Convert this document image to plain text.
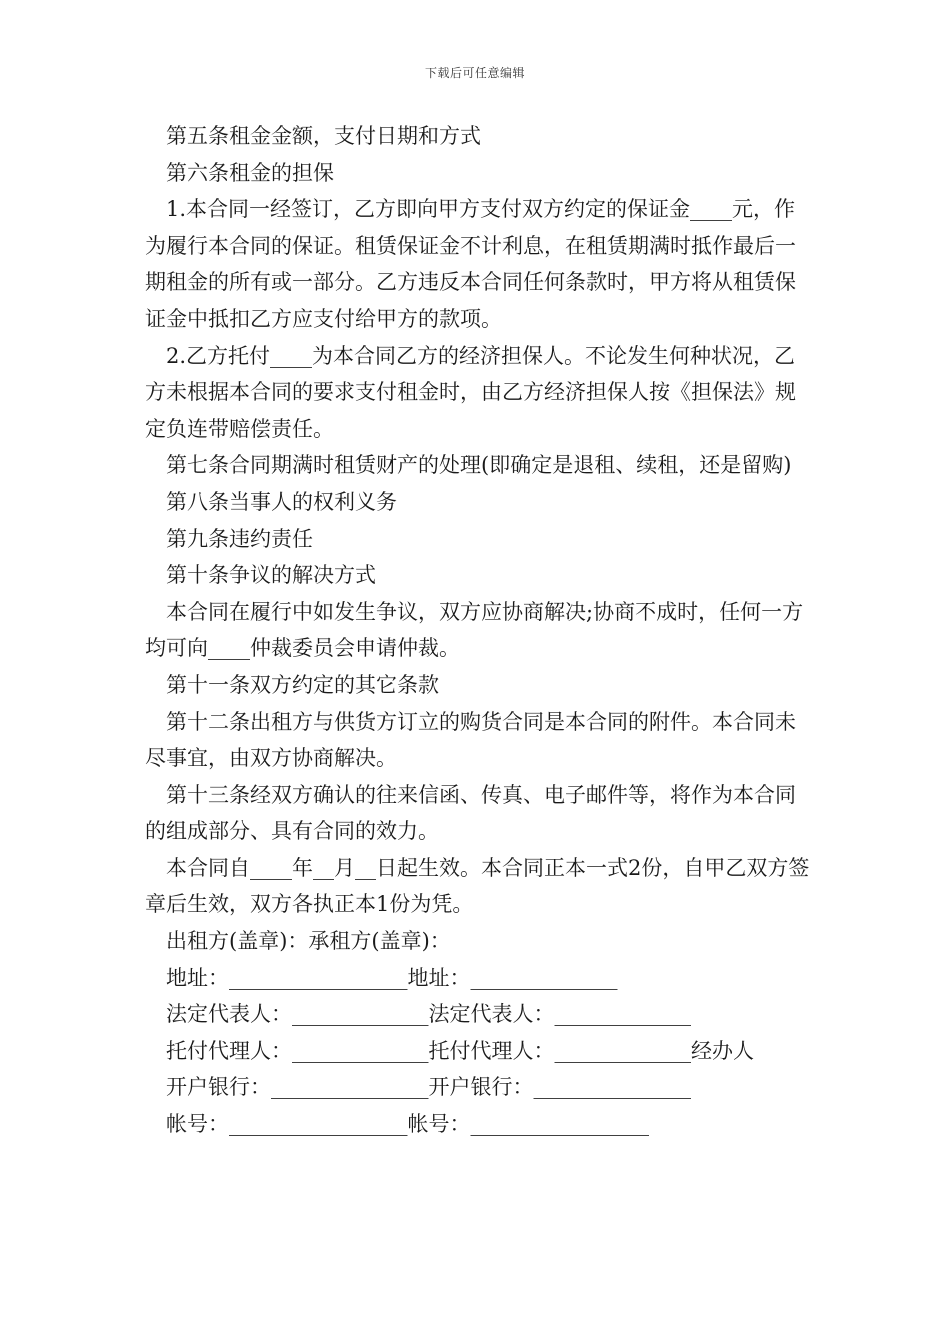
下载后可任意编辑

第五条租金金额，支付日期和方式

第六条租金的担保

1.本合同一经签订，乙方即向甲方支付双方约定的保证金____元，作为履行本合同的保证。租赁保证金不计利息，在租赁期满时抵作最后一期租金的所有或一部分。乙方违反本合同任何条款时，甲方将从租赁保证金中抵扣乙方应支付给甲方的款项。

2.乙方托付____为本合同乙方的经济担保人。不论发生何种状况，乙方未根据本合同的要求支付租金时，由乙方经济担保人按《担保法》规定负连带赔偿责任。

第七条合同期满时租赁财产的处理(即确定是退租、续租，还是留购)

第八条当事人的权利义务

第九条违约责任

第十条争议的解决方式

本合同在履行中如发生争议，双方应协商解决;协商不成时，任何一方均可向____仲裁委员会申请仲裁。

第十一条双方约定的其它条款

第十二条出租方与供货方订立的购货合同是本合同的附件。本合同未尽事宜，由双方协商解决。

第十三条经双方确认的往来信函、传真、电子邮件等，将作为本合同的组成部分、具有合同的效力。

本合同自____年__月__日起生效。本合同正本一式2份，自甲乙双方签章后生效，双方各执正本1份为凭。

出租方(盖章)：承租方(盖章)：

地址：_________________地址：______________

法定代表人：_____________法定代表人：_____________

托付代理人：_____________托付代理人：_____________经办人

开户银行：_______________开户银行：_______________

帐号：_________________帐号：_________________
